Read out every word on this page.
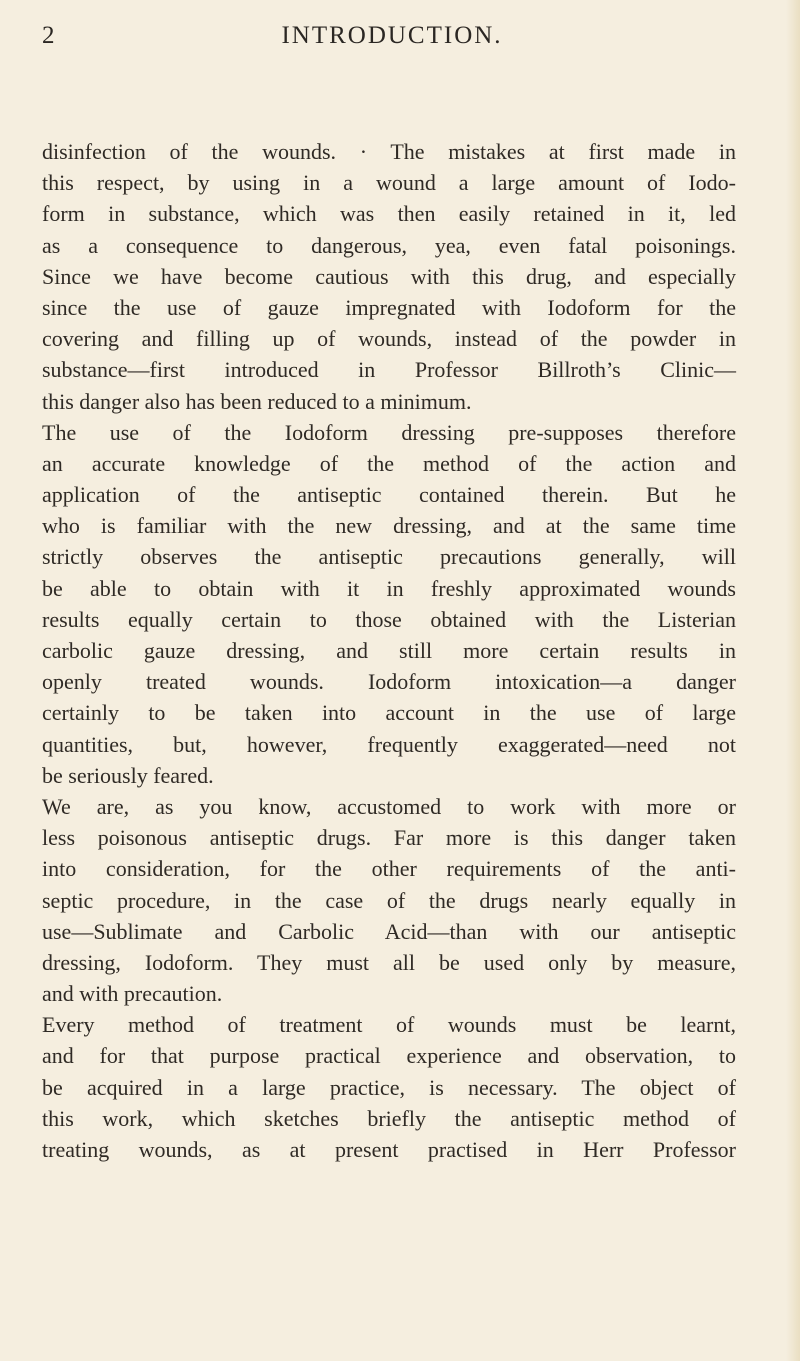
2	INTRODUCTION.
disinfection of the wounds. · The mistakes at first made in
this respect, by using in a wound a large amount of Iodo-
form in substance, which was then easily retained in it, led
as a consequence to dangerous, yea, even fatal poisonings.
Since we have become cautious with this drug, and especially
since the use of gauze impregnated with Iodoform for the
covering and filling up of wounds, instead of the powder in
substance—first introduced in Professor Billroth’s Clinic—
this danger also has been reduced to a minimum.
The use of the Iodoform dressing pre-supposes therefore
an accurate knowledge of the method of the action and
application of the antiseptic contained therein. But he
who is familiar with the new dressing, and at the same time
strictly observes the antiseptic precautions generally, will
be able to obtain with it in freshly approximated wounds
results equally certain to those obtained with the Listerian
carbolic gauze dressing, and still more certain results in
openly treated wounds. Iodoform intoxication—a danger
certainly to be taken into account in the use of large
quantities, but, however, frequently exaggerated—need not
be seriously feared.
We are, as you know, accustomed to work with more or
less poisonous antiseptic drugs. Far more is this danger taken
into consideration, for the other requirements of the anti-
septic procedure, in the case of the drugs nearly equally in
use—Sublimate and Carbolic Acid—than with our antiseptic
dressing, Iodoform. They must all be used only by measure,
and with precaution.
Every method of treatment of wounds must be learnt,
and for that purpose practical experience and observation, to
be acquired in a large practice, is necessary. The object of
this work, which sketches briefly the antiseptic method of
treating wounds, as at present practised in Herr Professor
